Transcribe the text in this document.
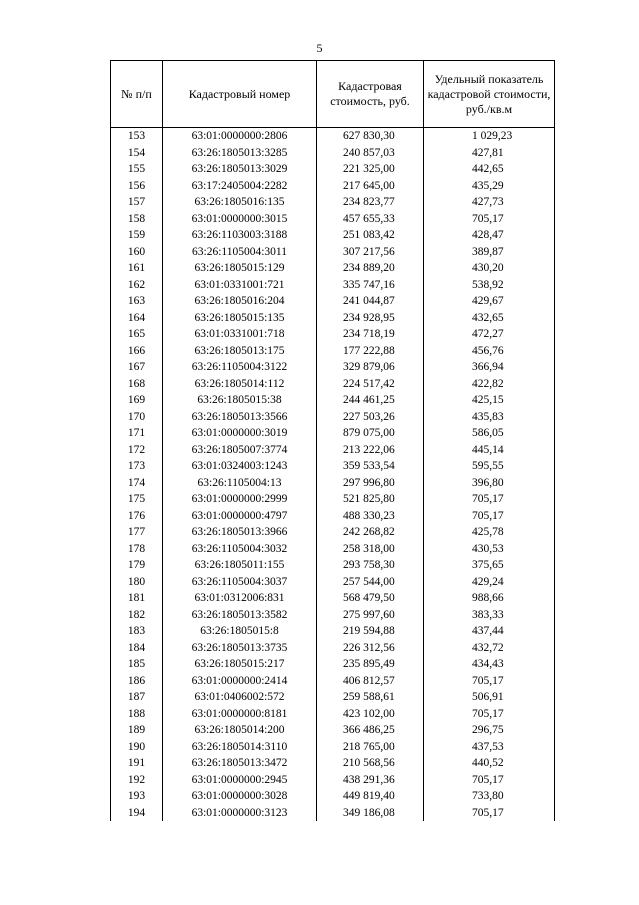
5
№ п/п	Кадастровый номер	Кадастровая стоимость, руб.	Удельный показатель кадастровой стоимости, руб./кв.м
153	63:01:0000000:2806	627 830,30	1 029,23
154	63:26:1805013:3285	240 857,03	427,81
155	63:26:1805013:3029	221 325,00	442,65
156	63:17:2405004:2282	217 645,00	435,29
157	63:26:1805016:135	234 823,77	427,73
158	63:01:0000000:3015	457 655,33	705,17
159	63:26:1103003:3188	251 083,42	428,47
160	63:26:1105004:3011	307 217,56	389,87
161	63:26:1805015:129	234 889,20	430,20
162	63:01:0331001:721	335 747,16	538,92
163	63:26:1805016:204	241 044,87	429,67
164	63:26:1805015:135	234 928,95	432,65
165	63:01:0331001:718	234 718,19	472,27
166	63:26:1805013:175	177 222,88	456,76
167	63:26:1105004:3122	329 879,06	366,94
168	63:26:1805014:112	224 517,42	422,82
169	63:26:1805015:38	244 461,25	425,15
170	63:26:1805013:3566	227 503,26	435,83
171	63:01:0000000:3019	879 075,00	586,05
172	63:26:1805007:3774	213 222,06	445,14
173	63:01:0324003:1243	359 533,54	595,55
174	63:26:1105004:13	297 996,80	396,80
175	63:01:0000000:2999	521 825,80	705,17
176	63:01:0000000:4797	488 330,23	705,17
177	63:26:1805013:3966	242 268,82	425,78
178	63:26:1105004:3032	258 318,00	430,53
179	63:26:1805011:155	293 758,30	375,65
180	63:26:1105004:3037	257 544,00	429,24
181	63:01:0312006:831	568 479,50	988,66
182	63:26:1805013:3582	275 997,60	383,33
183	63:26:1805015:8	219 594,88	437,44
184	63:26:1805013:3735	226 312,56	432,72
185	63:26:1805015:217	235 895,49	434,43
186	63:01:0000000:2414	406 812,57	705,17
187	63:01:0406002:572	259 588,61	506,91
188	63:01:0000000:8181	423 102,00	705,17
189	63:26:1805014:200	366 486,25	296,75
190	63:26:1805014:3110	218 765,00	437,53
191	63:26:1805013:3472	210 568,56	440,52
192	63:01:0000000:2945	438 291,36	705,17
193	63:01:0000000:3028	449 819,40	733,80
194	63:01:0000000:3123	349 186,08	705,17
